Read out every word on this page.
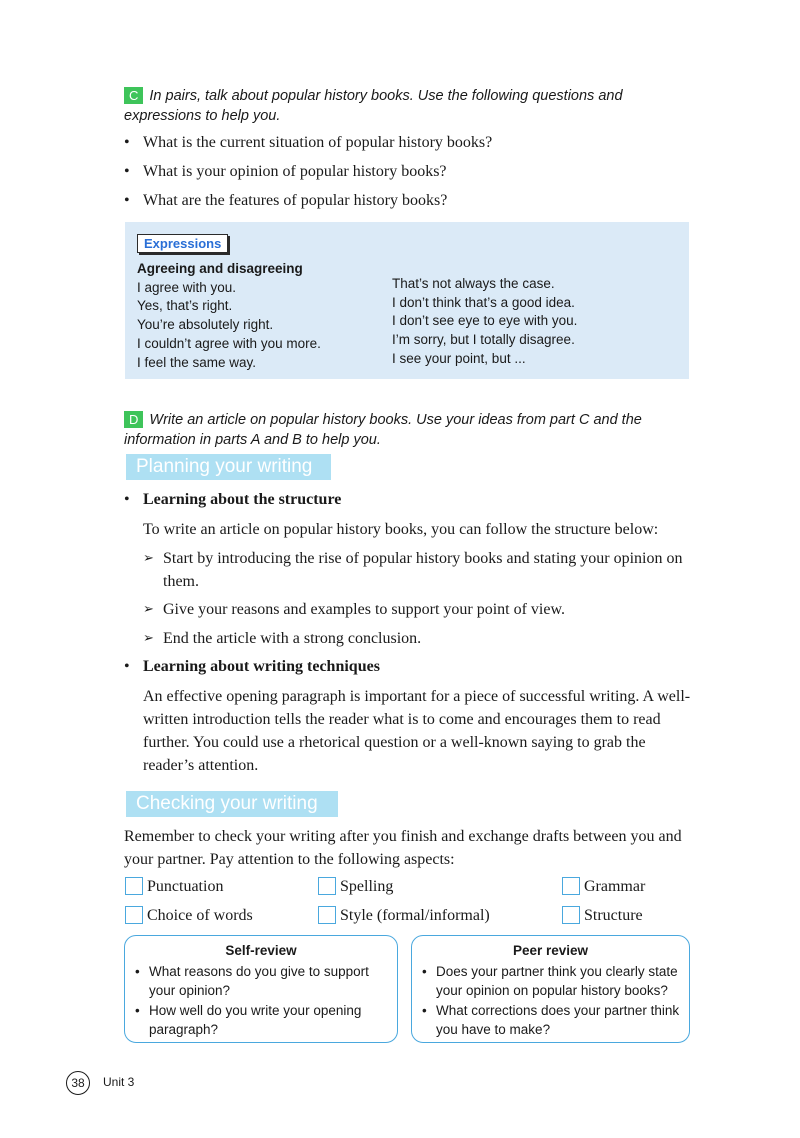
C In pairs, talk about popular history books. Use the following questions and expressions to help you.
• What is the current situation of popular history books?
• What is your opinion of popular history books?
• What are the features of popular history books?
Expressions
Agreeing and disagreeing
I agree with you.
Yes, that’s right.
You’re absolutely right.
I couldn’t agree with you more.
I feel the same way.
That’s not always the case.
I don’t think that’s a good idea.
I don’t see eye to eye with you.
I’m sorry, but I totally disagree.
I see your point, but ...
D Write an article on popular history books. Use your ideas from part C and the information in parts A and B to help you.
Planning your writing
• Learning about the structure
To write an article on popular history books, you can follow the structure below:
➢ Start by introducing the rise of popular history books and stating your opinion on them.
➢ Give your reasons and examples to support your point of view.
➢ End the article with a strong conclusion.
• Learning about writing techniques
An effective opening paragraph is important for a piece of successful writing. A well-written introduction tells the reader what is to come and encourages them to read further. You could use a rhetorical question or a well-known saying to grab the reader’s attention.
Checking your writing
Remember to check your writing after you finish and exchange drafts between you and your partner. Pay attention to the following aspects:
Punctuation	Spelling	Grammar
Choice of words	Style (formal/informal)	Structure
Self-review
• What reasons do you give to support your opinion?
• How well do you write your opening paragraph?
Peer review
• Does your partner think you clearly state your opinion on popular history books?
• What corrections does your partner think you have to make?
38	Unit 3
